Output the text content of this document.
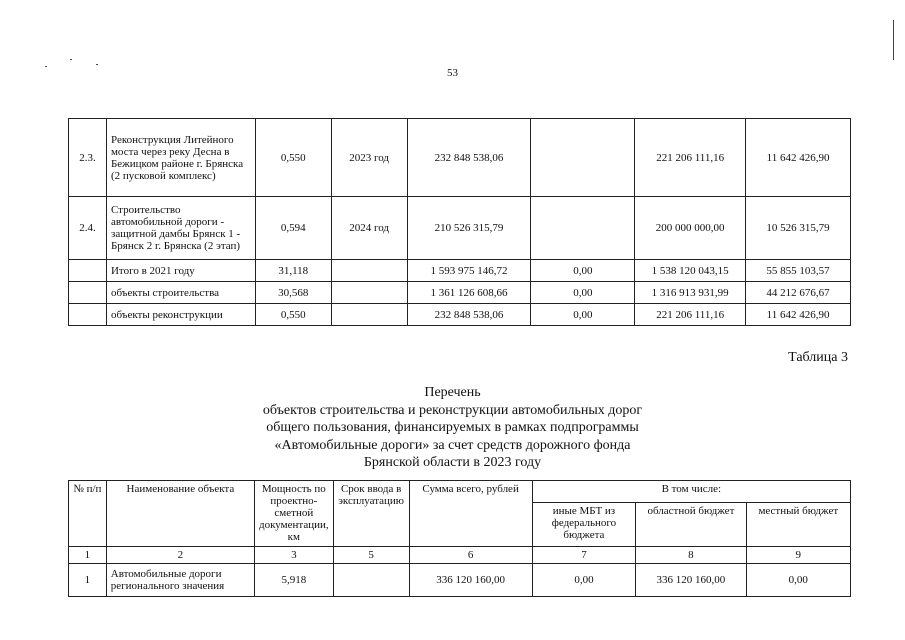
53
2.3.	Реконструкция Литейного моста через реку Десна в Бежицком районе г. Брянска (2 пусковой комплекс)	0,550	2023 год	232 848 538,06		221 206 111,16	11 642 426,90
2.4.	Строительство автомобильной дороги - защитной дамбы Брянск 1 - Брянск 2 г. Брянска (2 этап)	0,594	2024 год	210 526 315,79		200 000 000,00	10 526 315,79
	Итого в 2021 году	31,118		1 593 975 146,72	0,00	1 538 120 043,15	55 855 103,57
	объекты строительства	30,568		1 361 126 608,66	0,00	1 316 913 931,99	44 212 676,67
	объекты реконструкции	0,550		232 848 538,06	0,00	221 206 111,16	11 642 426,90
Таблица 3
Перечень
объектов строительства и реконструкции автомобильных дорог
общего пользования, финансируемых в рамках подпрограммы
«Автомобильные дороги» за счет средств дорожного фонда
Брянской области в 2023 году
№ п/п	Наименование объекта	Мощность по проектно-сметной документации, км	Срок ввода в эксплуатацию	Сумма всего, рублей	В том числе:		
					иные МБТ из федерального бюджета	областной бюджет	местный бюджет
1	2	3	5	6	7	8	9
1	Автомобильные дороги регионального значения	5,918		336 120 160,00	0,00	336 120 160,00	0,00
